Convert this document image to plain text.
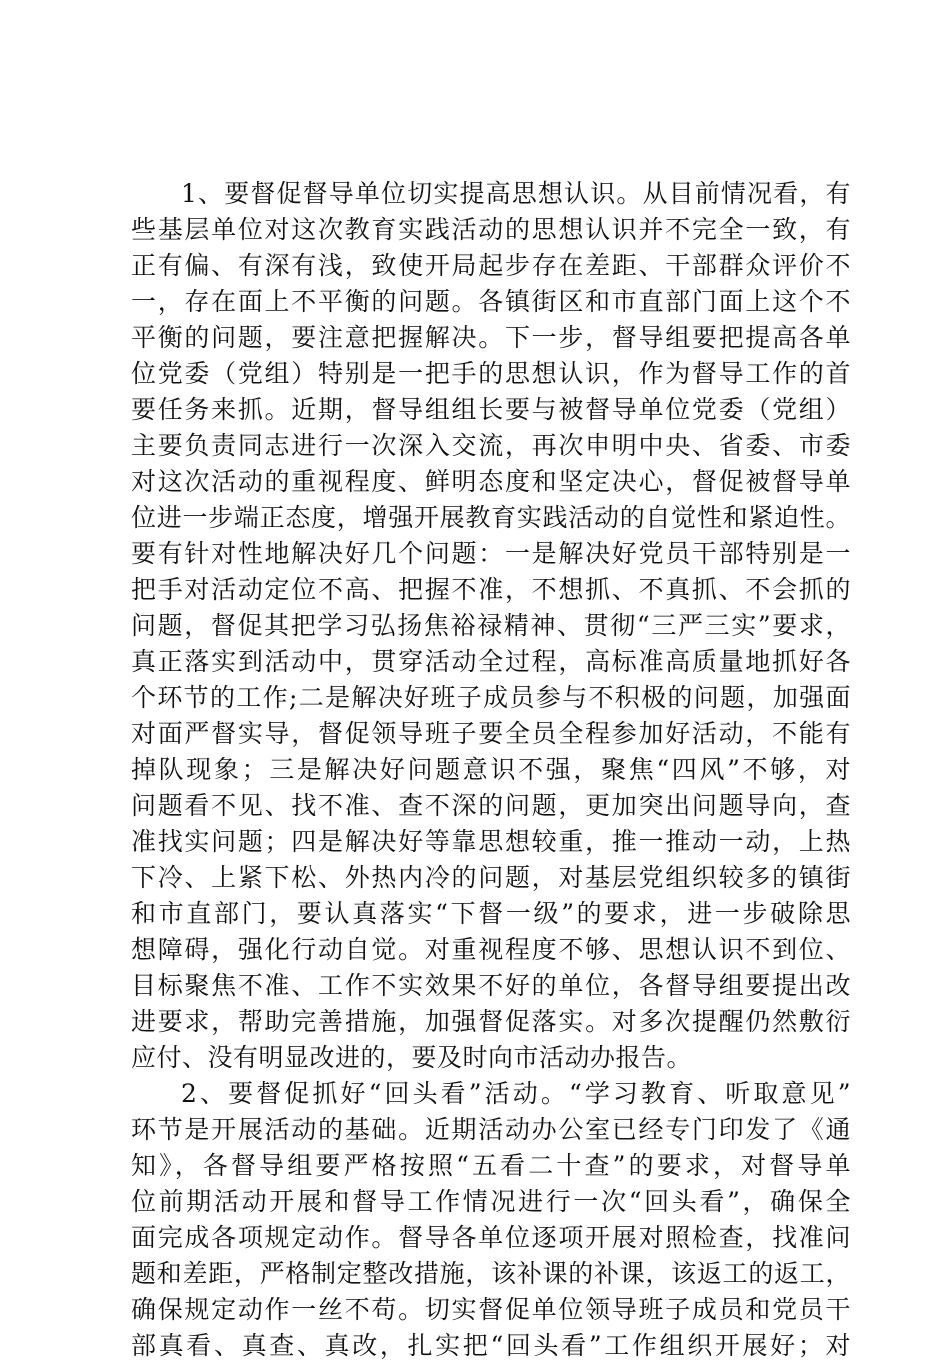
1、要督促督导单位切实提高思想认识。从目前情况看，有
些基层单位对这次教育实践活动的思想认识并不完全一致，有
正有偏、有深有浅，致使开局起步存在差距、干部群众评价不
一，存在面上不平衡的问题。各镇街区和市直部门面上这个不
平衡的问题，要注意把握解决。下一步，督导组要把提高各单
位党委（党组）特别是一把手的思想认识，作为督导工作的首
要任务来抓。近期，督导组组长要与被督导单位党委（党组）
主要负责同志进行一次深入交流，再次申明中央、省委、市委
对这次活动的重视程度、鲜明态度和坚定决心，督促被督导单
位进一步端正态度，增强开展教育实践活动的自觉性和紧迫性。
要有针对性地解决好几个问题：一是解决好党员干部特别是一
把手对活动定位不高、把握不准，不想抓、不真抓、不会抓的
问题，督促其把学习弘扬焦裕禄精神、贯彻“三严三实”要求，
真正落实到活动中，贯穿活动全过程，高标准高质量地抓好各
个环节的工作;二是解决好班子成员参与不积极的问题，加强面
对面严督实导，督促领导班子要全员全程参加好活动，不能有
掉队现象；三是解决好问题意识不强，聚焦“四风”不够，对
问题看不见、找不准、查不深的问题，更加突出问题导向，查
准找实问题；四是解决好等靠思想较重，推一推动一动，上热
下冷、上紧下松、外热内冷的问题，对基层党组织较多的镇街
和市直部门，要认真落实“下督一级”的要求，进一步破除思
想障碍，强化行动自觉。对重视程度不够、思想认识不到位、
目标聚焦不准、工作不实效果不好的单位，各督导组要提出改
进要求，帮助完善措施，加强督促落实。对多次提醒仍然敷衍
应付、没有明显改进的，要及时向市活动办报告。
2、要督促抓好“回头看”活动。“学习教育、听取意见”
环节是开展活动的基础。近期活动办公室已经专门印发了《通
知》，各督导组要严格按照“五看二十查”的要求，对督导单
位前期活动开展和督导工作情况进行一次“回头看”，确保全
面完成各项规定动作。督导各单位逐项开展对照检查，找准问
题和差距，严格制定整改措施，该补课的补课，该返工的返工，
确保规定动作一丝不苟。切实督促单位领导班子成员和党员干
部真看、真查、真改，扎实把“回头看”工作组织开展好；对
